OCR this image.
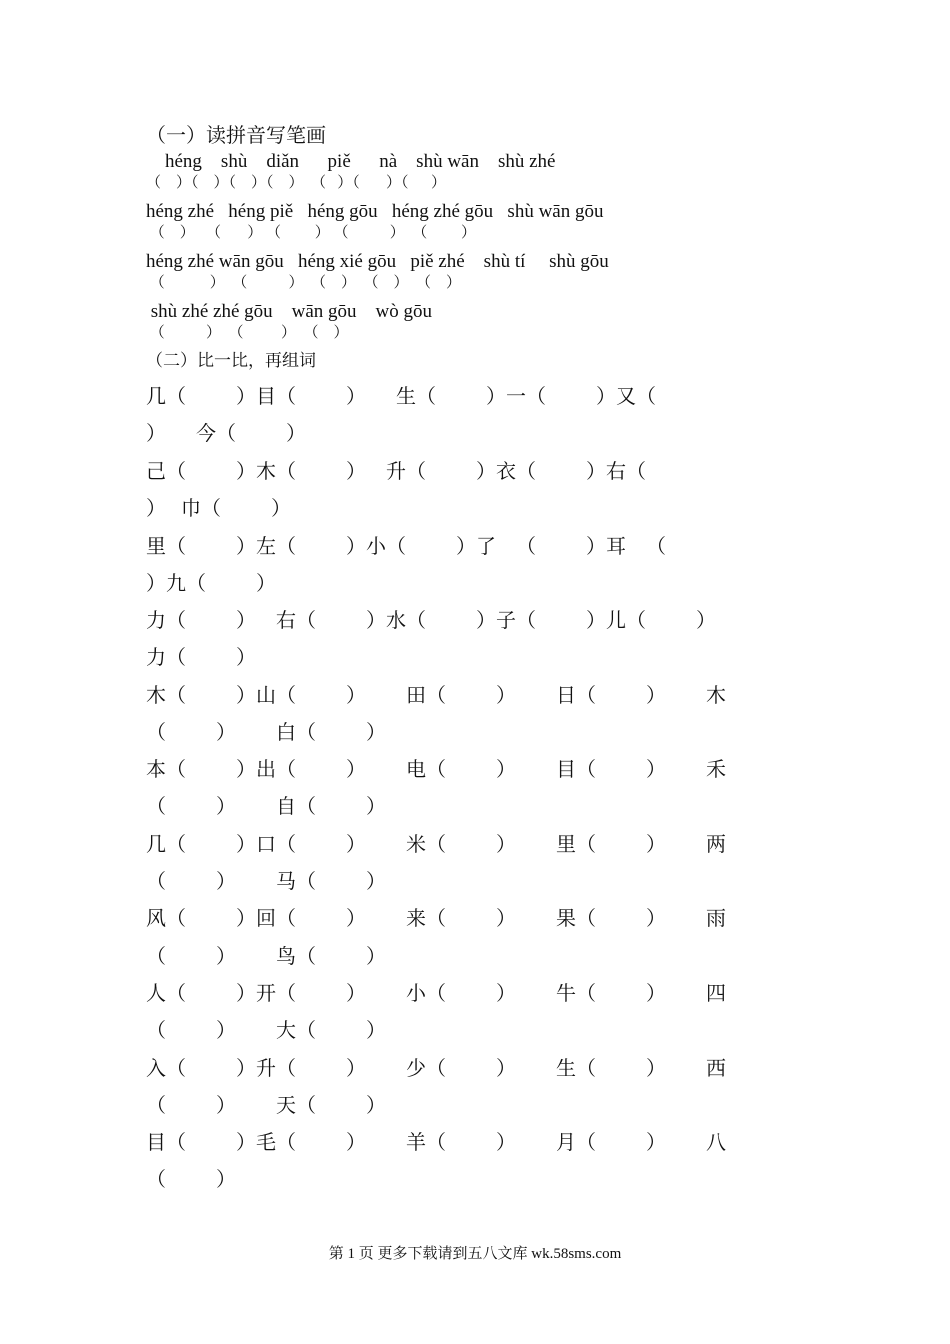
（一）读拼音写笔画
héng    shù    diǎn      piě      nà    shù wān    shù zhé
（    ）（    ）（    ）（    ）  （   ）（       ）（      ）
héng zhé   héng piě   héng gōu   héng zhé gōu   shù wān gōu
（    ）   （       ） （         ） （           ）  （         ）
héng zhé wān gōu   héng xié gōu   piě zhé    shù tí     shù gōu
（            ）  （           ）  （    ）  （    ）  （    ）
shù zhé zhé gōu    wān gōu    wò gōu
（           ）  （          ）  （    ）
（二）比一比，再组词
几（          ）目（          ）      生（          ）一（          ）又（
）      今（          ）
己（          ）木（          ）    升（          ）衣（          ）右（
）   巾（          ）
里（          ）左（          ）小（          ）了    （          ）耳    （
）九（          ）
力（          ）    右（          ）水（          ）子（          ）儿（          ）
力（          ）
木（          ）山（          ）        田（          ）        日（          ）        木
（          ）        白（          ）
本（          ）出（          ）        电（          ）        目（          ）        禾
（          ）        自（          ）
几（          ）口（          ）        米（          ）        里（          ）        两
（          ）        马（          ）
风（          ）回（          ）        来（          ）        果（          ）        雨
（          ）        鸟（          ）
人（          ）开（          ）        小（          ）        牛（          ）        四
（          ）        大（          ）
入（          ）升（          ）        少（          ）        生（          ）        西
（          ）        天（          ）
目（          ）毛（          ）        羊（          ）        月（          ）        八
（          ）
第 1 页 更多下载请到五八文库 wk.58sms.com
